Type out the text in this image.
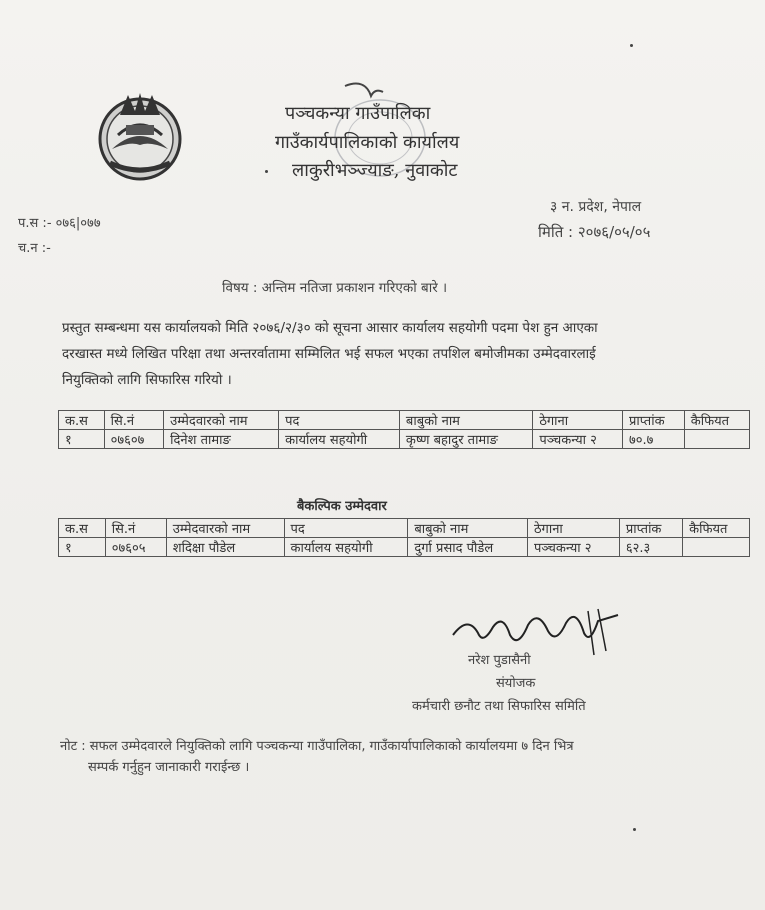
पञ्चकन्या गाउँपालिका
गाउँकार्यपालिकाको कार्यालय
लाकुरीभञ्ज्याङ, नुवाकोट
३ न. प्रदेश, नेपाल
मिति : २०७६/०५/०५
प.स :- ०७६|०७७
च.न :-
विषय : अन्तिम नतिजा प्रकाशन गरिएको बारे ।
प्रस्तुत सम्बन्धमा यस कार्यालयको मिति २०७६/२/३० को सूचना आसार कार्यालय सहयोगी पदमा पेश हुन आएका
दरखास्त मध्ये लिखित परिक्षा तथा अन्तरर्वातामा सम्मिलित भई सफल भएका तपशिल बमोजीमका उम्मेदवारलाई
नियुक्तिको लागि सिफारिस गरियो ।
क.स	सि.नं	उम्मेदवारको नाम	पद	बाबुको नाम	ठेगाना	प्राप्तांक	कैफियत
१	०७६०७	दिनेश तामाङ	कार्यालय सहयोगी	कृष्ण बहादुर तामाङ	पञ्चकन्या २	७०.७	
बैकल्पिक उम्मेदवार
क.स	सि.नं	उम्मेदवारको नाम	पद	बाबुको नाम	ठेगाना	प्राप्तांक	कैफियत
१	०७६०५	शदिक्षा पौडेल	कार्यालय सहयोगी	दुर्गा प्रसाद पौडेल	पञ्चकन्या २	६२.३	
नरेश पुडासैनी
संयोजक
कर्मचारी छनौट तथा सिफारिस समिति
नोट : सफल उम्मेदवारले नियुक्तिको लागि पञ्चकन्या गाउँपालिका, गाउँकार्यापालिकाको कार्यालयमा ७ दिन भित्र
सम्पर्क गर्नुहुन जानाकारी गराईन्छ ।
